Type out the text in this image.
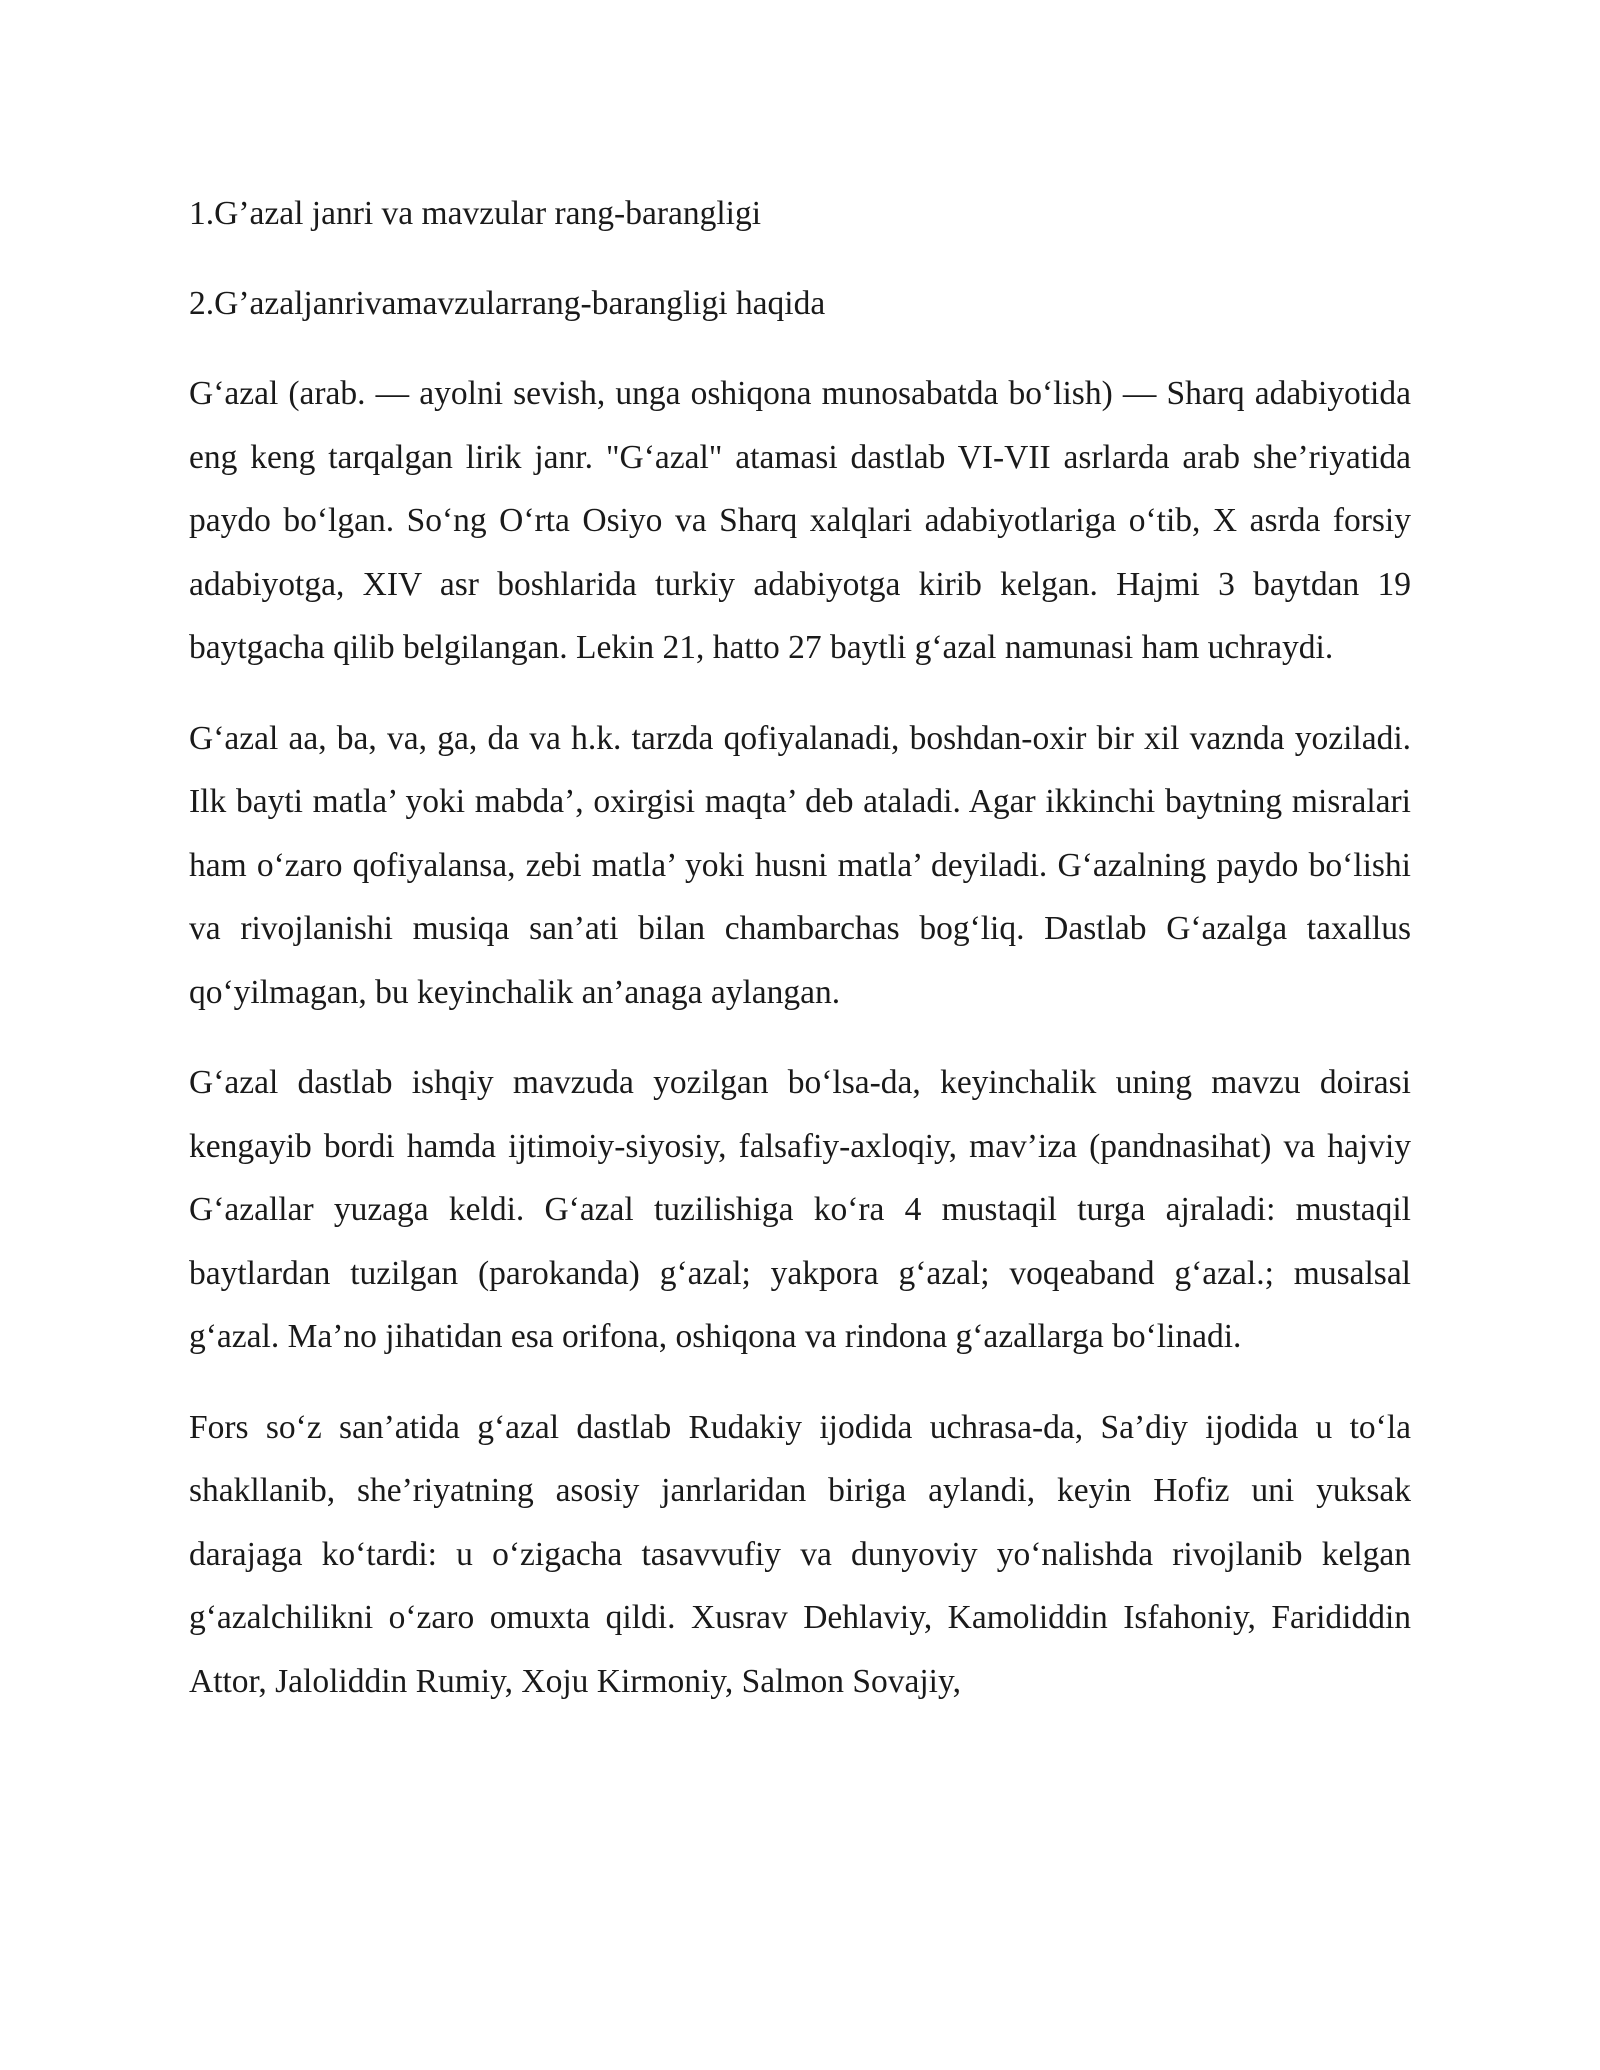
1.G’azal janri va mavzular rang-barangligi

2.G’azaljanrivamavzularrang-barangligi haqida

G‘azal (arab. — ayolni sevish, unga oshiqona munosabatda bo‘lish) — Sharq adabiyotida eng keng tarqalgan lirik janr. "G‘azal" atamasi dastlab VI-VII asrlarda arab she’riyatida paydo bo‘lgan. So‘ng O‘rta Osiyo va Sharq xalqlari adabiyotlariga o‘tib, X asrda forsiy adabiyotga, XIV asr boshlarida turkiy adabiyotga kirib kelgan. Hajmi 3 baytdan 19 baytgacha qilib belgilangan. Lekin 21, hatto 27 baytli g‘azal namunasi ham uchraydi.

G‘azal aa, ba, va, ga, da va h.k. tarzda qofiyalanadi, boshdan-oxir bir xil vaznda yoziladi. Ilk bayti matla’ yoki mabda’, oxirgisi maqta’ deb ataladi. Agar ikkinchi baytning misralari ham o‘zaro qofiyalansa, zebi matla’ yoki husni matla’ deyiladi. G‘azalning paydo bo‘lishi va rivojlanishi musiqa san’ati bilan chambarchas bog‘liq. Dastlab G‘azalga taxallus qo‘yilmagan, bu keyinchalik an’anaga aylangan.

G‘azal dastlab ishqiy mavzuda yozilgan bo‘lsa-da, keyinchalik uning mavzu doirasi kengayib bordi hamda ijtimoiy-siyosiy, falsafiy-axloqiy, mav’iza (pandnasihat) va hajviy G‘azallar yuzaga keldi. G‘azal tuzilishiga ko‘ra 4 mustaqil turga ajraladi: mustaqil baytlardan tuzilgan (parokanda) g‘azal; yakpora g‘azal; voqeaband g‘azal.; musalsal g‘azal. Ma’no jihatidan esa orifona, oshiqona va rindona g‘azallarga bo‘linadi.

Fors so‘z san’atida g‘azal dastlab Rudakiy ijodida uchrasa-da, Sa’diy ijodida u to‘la shakllanib, she’riyatning asosiy janrlaridan biriga aylandi, keyin Hofiz uni yuksak darajaga ko‘tardi: u o‘zigacha tasavvufiy va dunyoviy yo‘nalishda rivojlanib kelgan g‘azalchilikni o‘zaro omuxta qildi. Xusrav Dehlaviy, Kamoliddin Isfahoniy, Farididdin Attor, Jaloliddin Rumiy, Xoju Kirmoniy, Salmon Sovajiy,
